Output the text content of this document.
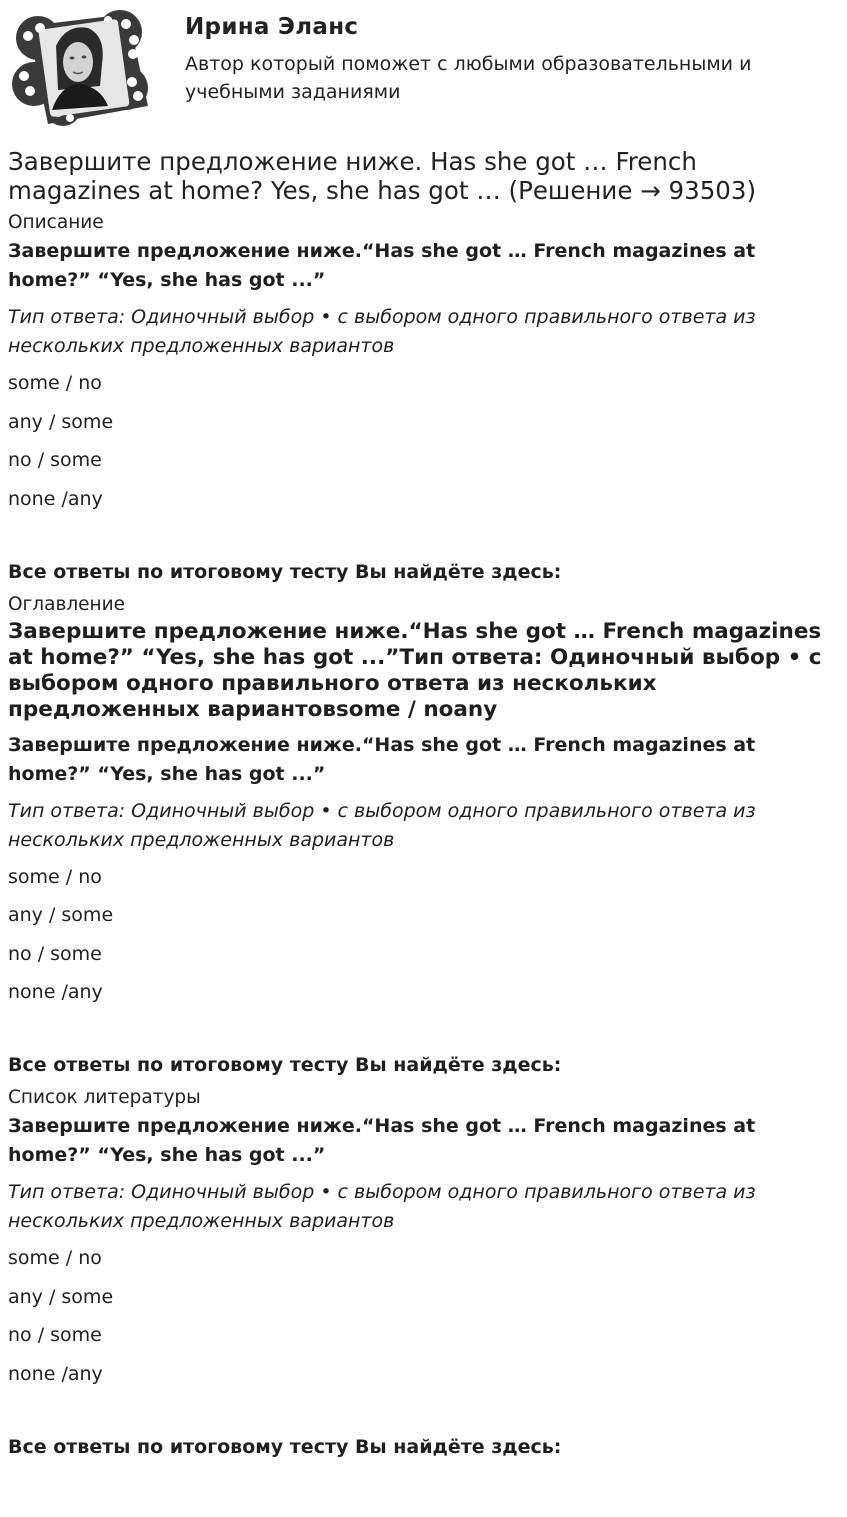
Ирина Эланс
Автор который поможет с любыми образовательными и учебными заданиями
Завершите предложение ниже. Has she got … French magazines at home? Yes, she has got … (Решение → 93503)
Описание

Завершите предложение ниже.“Has she got … French magazines at home?” “Yes, she has got ...”

Тип ответа: Одиночный выбор • с выбором одного правильного ответа из нескольких предложенных вариантов

some / no
any / some
no / some
none /any

Все ответы по итоговому тесту Вы найдёте здесь:

Оглавление
Завершите предложение ниже.“Has she got … French magazines at home?” “Yes, she has got ...”Тип ответа: Одиночный выбор • с выбором одного правильного ответа из нескольких предложенных вариантовsome / noany

Завершите предложение ниже.“Has she got … French magazines at home?” “Yes, she has got ...”

Тип ответа: Одиночный выбор • с выбором одного правильного ответа из нескольких предложенных вариантов

some / no
any / some
no / some
none /any

Все ответы по итоговому тесту Вы найдёте здесь:

Список литературы

Завершите предложение ниже.“Has she got … French magazines at home?” “Yes, she has got ...”

Тип ответа: Одиночный выбор • с выбором одного правильного ответа из нескольких предложенных вариантов

some / no
any / some
no / some
none /any

Все ответы по итоговому тесту Вы найдёте здесь:
